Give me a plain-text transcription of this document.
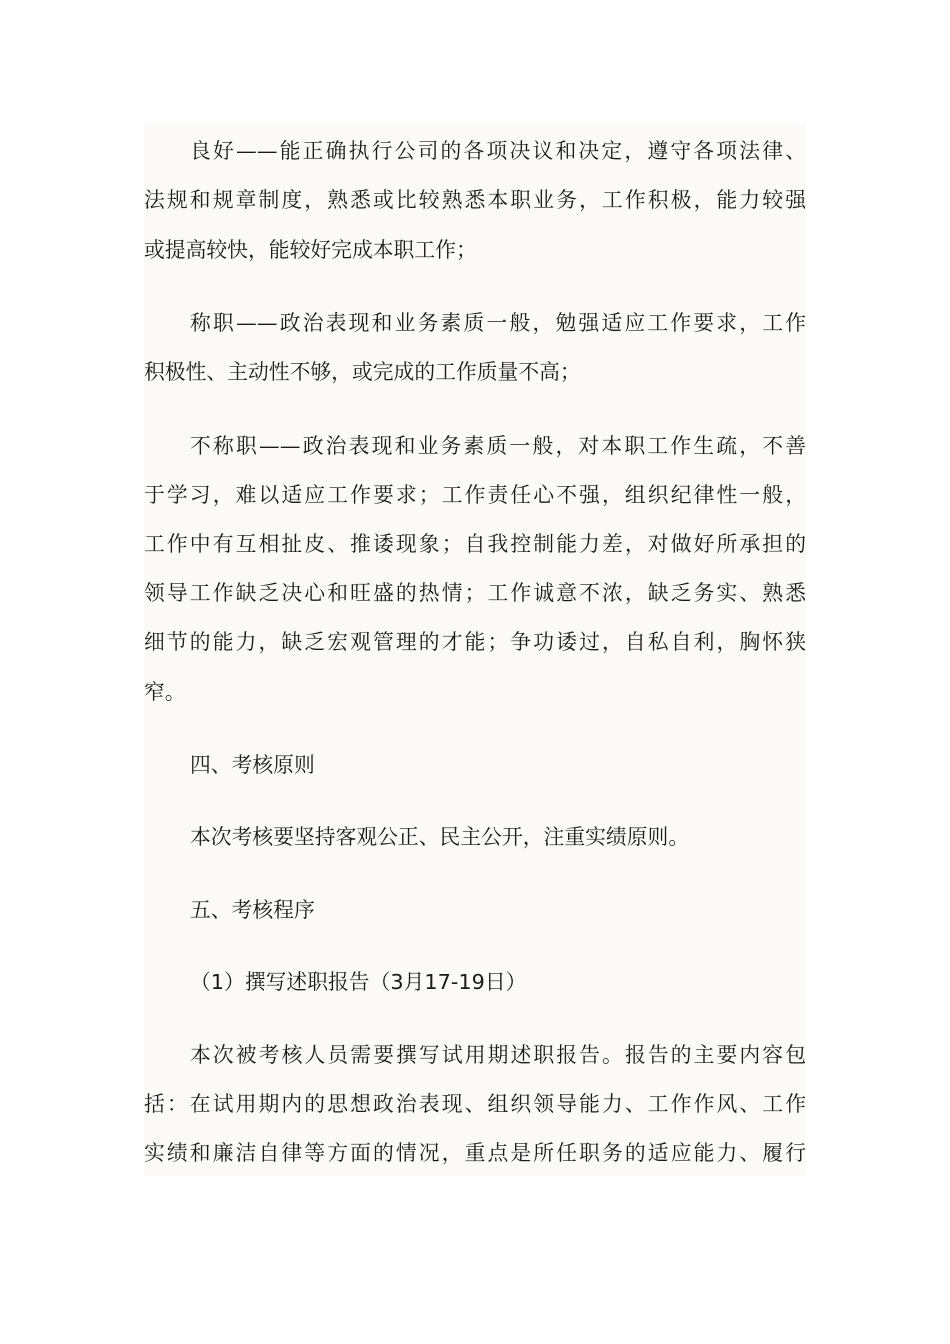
良好——能正确执行公司的各项决议和决定，遵守各项法律、
法规和规章制度，熟悉或比较熟悉本职业务，工作积极，能力较强
或提高较快，能较好完成本职工作；
称职——政治表现和业务素质一般，勉强适应工作要求，工作
积极性、主动性不够，或完成的工作质量不高；
不称职——政治表现和业务素质一般，对本职工作生疏，不善
于学习，难以适应工作要求；工作责任心不强，组织纪律性一般，
工作中有互相扯皮、推诿现象；自我控制能力差，对做好所承担的
领导工作缺乏决心和旺盛的热情；工作诚意不浓，缺乏务实、熟悉
细节的能力，缺乏宏观管理的才能；争功诿过，自私自利，胸怀狭
窄。
四、考核原则
本次考核要坚持客观公正、民主公开，注重实绩原则。
五、考核程序
（1）撰写述职报告（3月17-19日）
本次被考核人员需要撰写试用期述职报告。报告的主要内容包
括：在试用期内的思想政治表现、组织领导能力、工作作风、工作
实绩和廉洁自律等方面的情况，重点是所任职务的适应能力、履行
